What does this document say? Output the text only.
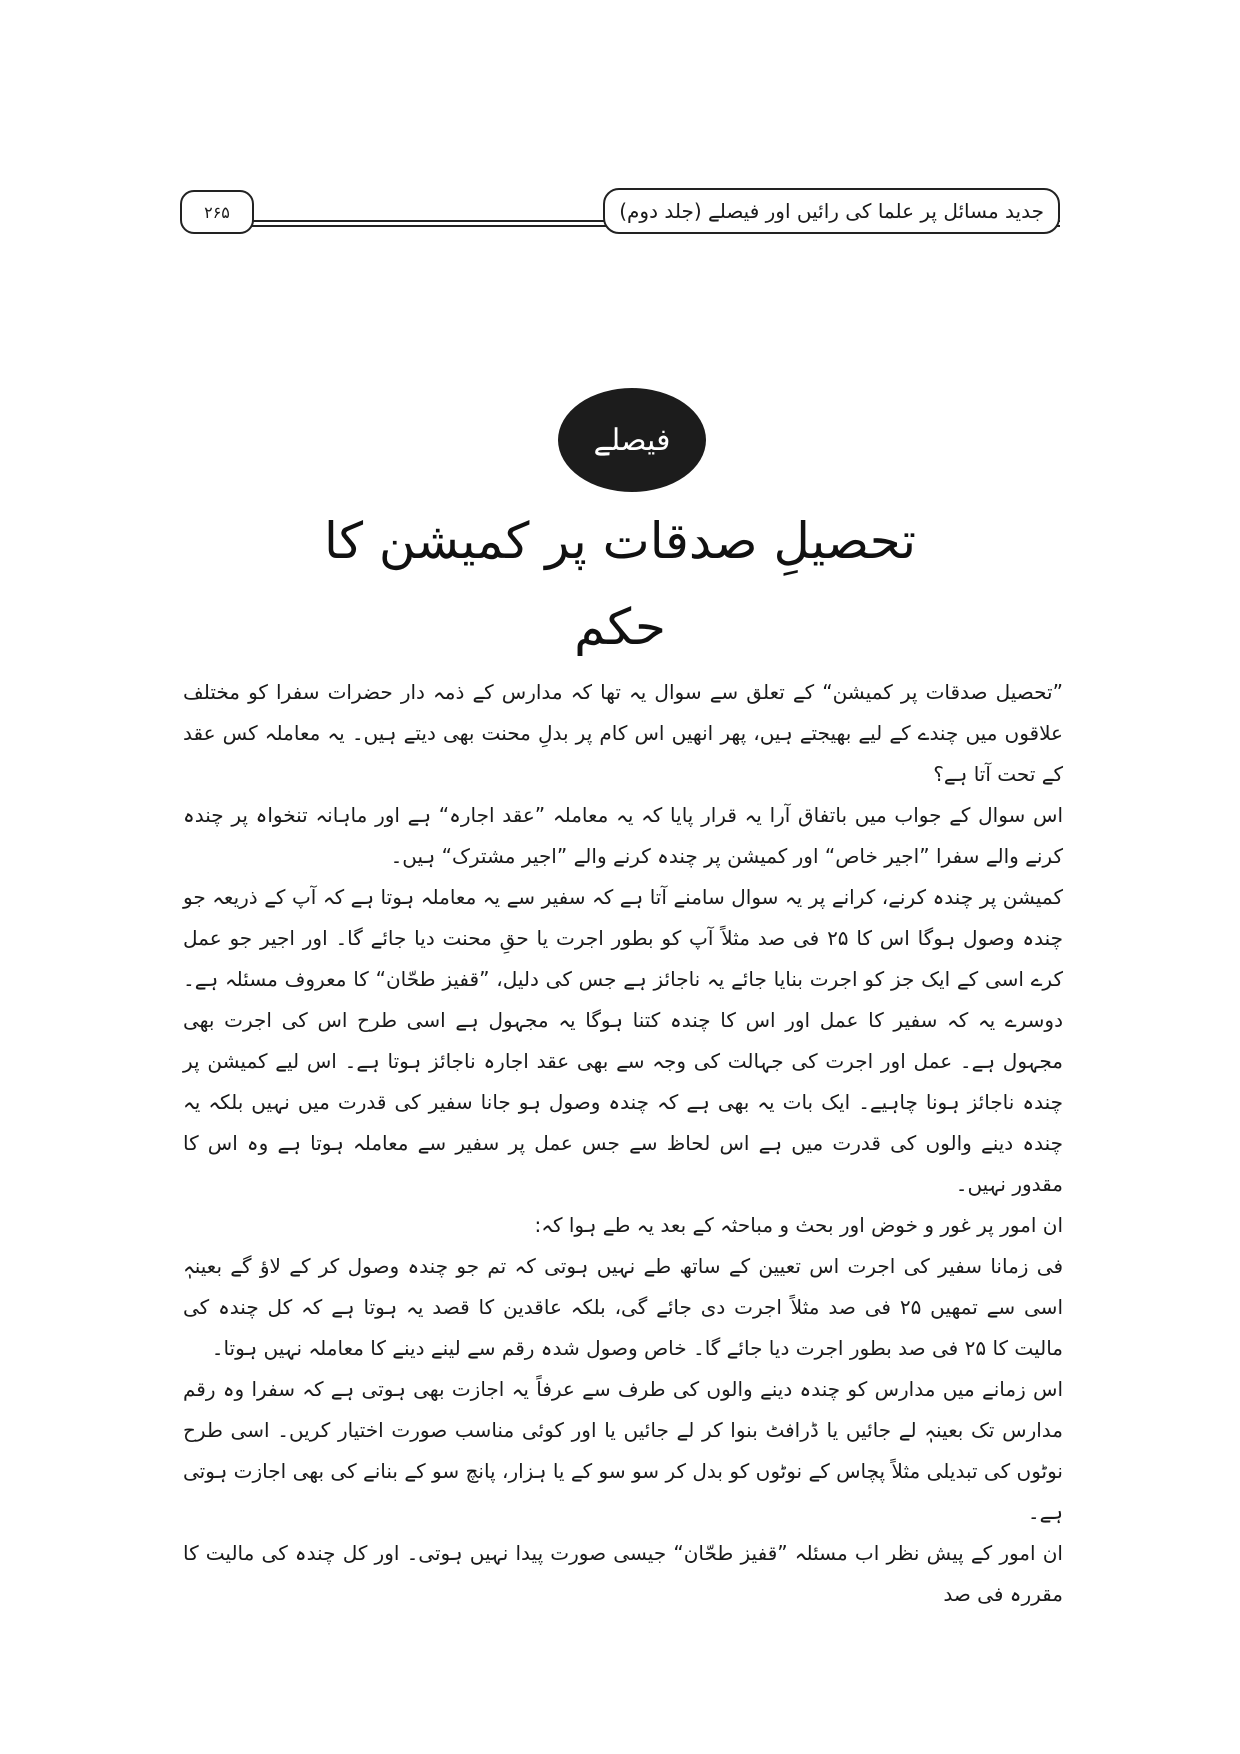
۲۶۵	جدید مسائل پر علما کی رائیں اور فیصلے (جلد دوم)
فیصلے
تحصیلِ صدقات پر کمیشن کا حکم

”تحصیل صدقات پر کمیشن“ کے تعلق سے سوال یہ تھا کہ مدارس کے ذمہ دار حضرات سفرا کو مختلف علاقوں میں چندے کے لیے بھیجتے ہیں، پھر انھیں اس کام پر بدلِ محنت بھی دیتے ہیں۔ یہ معاملہ کس عقد کے تحت آتا ہے؟

اس سوال کے جواب میں باتفاق آرا یہ قرار پایا کہ یہ معاملہ ”عقد اجارہ“ ہے اور ماہانہ تنخواہ پر چندہ کرنے والے سفرا ”اجیر خاص“ اور کمیشن پر چندہ کرنے والے ”اجیر مشترک“ ہیں۔

کمیشن پر چندہ کرنے، کرانے پر یہ سوال سامنے آتا ہے کہ سفیر سے یہ معاملہ ہوتا ہے کہ آپ کے ذریعہ جو چندہ وصول ہوگا اس کا ۲۵ فی صد مثلاً آپ کو بطور اجرت یا حقِ محنت دیا جائے گا۔ اور اجیر جو عمل کرے اسی کے ایک جز کو اجرت بنایا جائے یہ ناجائز ہے جس کی دلیل، ”قفیز طحّان“ کا معروف مسئلہ ہے۔ دوسرے یہ کہ سفیر کا عمل اور اس کا چندہ کتنا ہوگا یہ مجہول ہے اسی طرح اس کی اجرت بھی مجہول ہے۔ عمل اور اجرت کی جہالت کی وجہ سے بھی عقد اجارہ ناجائز ہوتا ہے۔ اس لیے کمیشن پر چندہ ناجائز ہونا چاہیے۔ ایک بات یہ بھی ہے کہ چندہ وصول ہو جانا سفیر کی قدرت میں نہیں بلکہ یہ چندہ دینے والوں کی قدرت میں ہے اس لحاظ سے جس عمل پر سفیر سے معاملہ ہوتا ہے وہ اس کا مقدور نہیں۔

ان امور پر غور و خوض اور بحث و مباحثہ کے بعد یہ طے ہوا کہ:

فی زمانا سفیر کی اجرت اس تعیین کے ساتھ طے نہیں ہوتی کہ تم جو چندہ وصول کر کے لاؤ گے بعینہٖ اسی سے تمھیں ۲۵ فی صد مثلاً اجرت دی جائے گی، بلکہ عاقدین کا قصد یہ ہوتا ہے کہ کل چندہ کی مالیت کا ۲۵ فی صد بطور اجرت دیا جائے گا۔ خاص وصول شدہ رقم سے لینے دینے کا معاملہ نہیں ہوتا۔

اس زمانے میں مدارس کو چندہ دینے والوں کی طرف سے عرفاً یہ اجازت بھی ہوتی ہے کہ سفرا وہ رقم مدارس تک بعینہٖ لے جائیں یا ڈرافٹ بنوا کر لے جائیں یا اور کوئی مناسب صورت اختیار کریں۔ اسی طرح نوٹوں کی تبدیلی مثلاً پچاس کے نوٹوں کو بدل کر سو سو کے یا ہزار، پانچ سو کے بنانے کی بھی اجازت ہوتی ہے۔

ان امور کے پیش نظر اب مسئلہ ”قفیز طحّان“ جیسی صورت پیدا نہیں ہوتی۔ اور کل چندہ کی مالیت کا مقررہ فی صد
